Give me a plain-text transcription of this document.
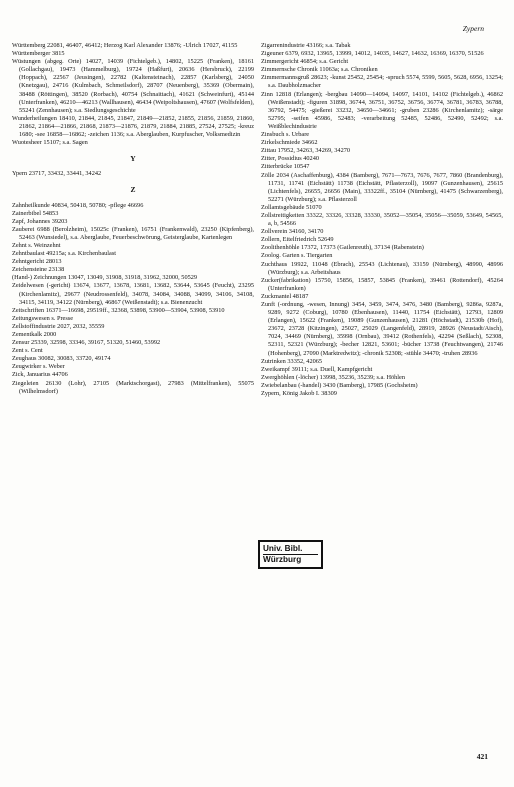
Zypern
Württemberg 22081, 46407, 46412; Herzog Karl Alexander 13876; -Ulrich 17027, 41155
Württemberger 3815
Wüstungen (abgeg. Orte) 14027, 14039 (Fichtelgeb.), 14802, 15225 (Franken), 18161 (Gollachgau), 19473 (Hammelburg), 19724 (Haßfurt), 20636 (Hersbruck), 22199 (Hoppach), 22567 (Jeusingen), 22782 (Kaltensteinach), 22857 (Karlsberg), 24050 (Knetzgau), 24716 (Kulmbach, Schmeilsdorf), 28707 (Neuenberg), 35369 (Obermain), 38488 (Röttingen), 38520 (Rorbach), 40754 (Schnaittach), 41621 (Schweinfurt), 45144 (Unterfranken), 46210—46213 (Wallhausen), 46434 (Weipoltshausen), 47607 (Wolfsfelden), 55241 (Zennhausen); s.a. Siedlungsgeschichte
Wunderheilungen 18410, 21844, 21845, 21847, 21849—21852, 21855, 21856, 21859, 21860, 21862, 21864—21866, 21868, 21873—21876, 21879, 21884, 21885, 27524, 27525; -kreuz 1680; -see 16858—16862; -zeichen 1136; s.a. Aberglauben, Kurpfuscher, Volksmedizin
Wuotesheer 15107; s.a. Sagen
Y
Ypern 23717, 33432, 33441, 34242
Z
Zahnheilkunde 40834, 50418, 50780; -pflege 46696
Zainerbibel 54853
Zapf, Johannes 39203
Zauberei 6988 (Berolzheim), 15025c (Franken), 16751 (Frankenwald), 23250 (Kipfenberg), 52463 (Wunsiedel), s.a. Aberglaube, Feuerbeschwörung, Geisterglaube, Kartenlegen
Zehnt s. Weinzehnt
Zehntbaulast 49215a; s.a. Kirchenbaulast
Zehntgericht 28013
Zeichensteine 23138
(Hand-) Zeichnungen 13047, 13049, 31908, 31918, 31962, 32000, 50529
Zeidelwesen (-gericht) 13674, 13677, 13678, 13681, 13682, 53644, 53645 (Feucht), 23295 (Kirchenlamitz), 29677 (Neudrossenfeld), 34078, 34084, 34088, 34099, 34106, 34108, 34115, 34119, 34122 (Nürnberg), 46867 (Weißenstadt); s.a. Bienenzucht
Zeitschriften 16371—16698, 29519ff., 32368, 53898, 53900—53904, 53908, 53910
Zeitungswesen s. Presse
Zellstoffindustrie 2027, 2032, 35559
Zementkalk 2000
Zensur 25339, 32598, 33346, 39167, 51320, 51460, 53992
Zent s. Cent
Zeughaus 30082, 30083, 33720, 49174
Zeugwirker s. Weber
Zick, Januarius 44706
Ziegeleien 26130 (Lohr), 27105 (Marktschorgast), 27983 (Mittelfranken), 55075 (Wilhelmsdorf)
Zigarrenindustrie 43166; s.a. Tabak
Zigeuner 6379, 6932, 13965, 13999, 14012, 14035, 14627, 14632, 16369, 16370, 51526
Zimmergericht 46854; s.a. Gericht
Zimmernsche Chronik 11063a; s.a. Chroniken
Zimmermannsgruß 28623; -kunst 25452, 25454; -spruch 5574, 5599, 5605, 5628, 6956, 13254; s.a. Daubholzmacher
Zinn 12818 (Erlangen); -bergbau 14090—14094, 14097, 14101, 14102 (Fichtelgeb.), 46862 (Weißenstadt); -figuren 31898, 36744, 36751, 36752, 36756, 36774, 36781, 36783, 36788, 36792, 54475; -gießerei 33232, 34650—34661; -gruben 23286 (Kirchenlamitz); -särge 52795; -seifen 45986, 52483; -verarbeitung 52485, 52486, 52490, 52492; s.a. Weißblechindustrie
Zinsbuch s. Urbare
Zirkelschmiede 34662
Zittau 17952, 34263, 34269, 34270
Zitter, Possidius 40240
Zitterbrücke 10547
Zölle 2034 (Aschaffenburg), 4384 (Bamberg), 7671—7673, 7676, 7677, 7860 (Brandenburg), 11731, 11741 (Eichstätt) 11738 (Eichstätt, Pflasterzoll), 19097 (Gunzenhausen), 25615 (Lichtenfels), 26655, 26656 (Main), 33322ff., 35104 (Nürnberg), 41475 (Schwarzenberg), 52271 (Würzburg); s.a. Pflasterzoll
Zollamtsgebäude 51070
Zollstreitigkeiten 33322, 33326, 33328, 33330, 35052—35054, 35056—35059, 53649, 54565, a, b, 54566
Zollverein 34160, 34170
Zollern, Eitelfriedrich 52649
Zoolithenhöhle 17372, 17373 (Gailenreuth), 37134 (Rabenstein)
Zoolog. Garten s. Tiergarten
Zuchthaus 19922, 11048 (Ebrach), 25543 (Lichtenau), 33159 (Nürnberg), 48990, 48996 (Würzburg); s.a. Arbeitshaus
Zucker(fabrikation) 15750, 15856, 15857, 53845 (Franken), 39461 (Rottendorf), 45264 (Unterfranken)
Zuckmantel 48187
Zunft (-ordnung, -wesen, Innung) 3454, 3459, 3474, 3476, 3480 (Bamberg), 9286a, 9287a, 9289, 9272 (Coburg), 10780 (Ebenhausen), 11440, 11754 (Eichstätt), 12793, 12809 (Erlangen), 15622 (Franken), 19089 (Gunzenhausen), 21281 (Höchstadt), 21530b (Hof), 23672, 23728 (Kitzingen), 25027, 25029 (Langenfeld), 28919, 28926 (Neustadt/Aisch), 7024, 34469 (Nürnberg), 35998 (Ornbau), 39412 (Rothenfels), 42294 (Seßlach), 52308, 52311, 52321 (Würzburg); -becher 12821, 53601; -bücher 13738 (Feuchtwangen), 21746 (Hohenberg), 27090 (Marktredwitz); -chronik 52308; -stühle 34470; -truhen 28936
Zutrinken 33352, 42065
Zweikampf 39111; s.a. Duell, Kampfgericht
Zwerghöhlen (-löcher) 13998, 35236, 35239; s.a. Höhlen
Zwiebelanbau (-handel) 3430 (Bamberg), 17985 (Gochsheim)
Zypern, König Jakob I. 38309
Univ. Bibl.
Würzburg
421
